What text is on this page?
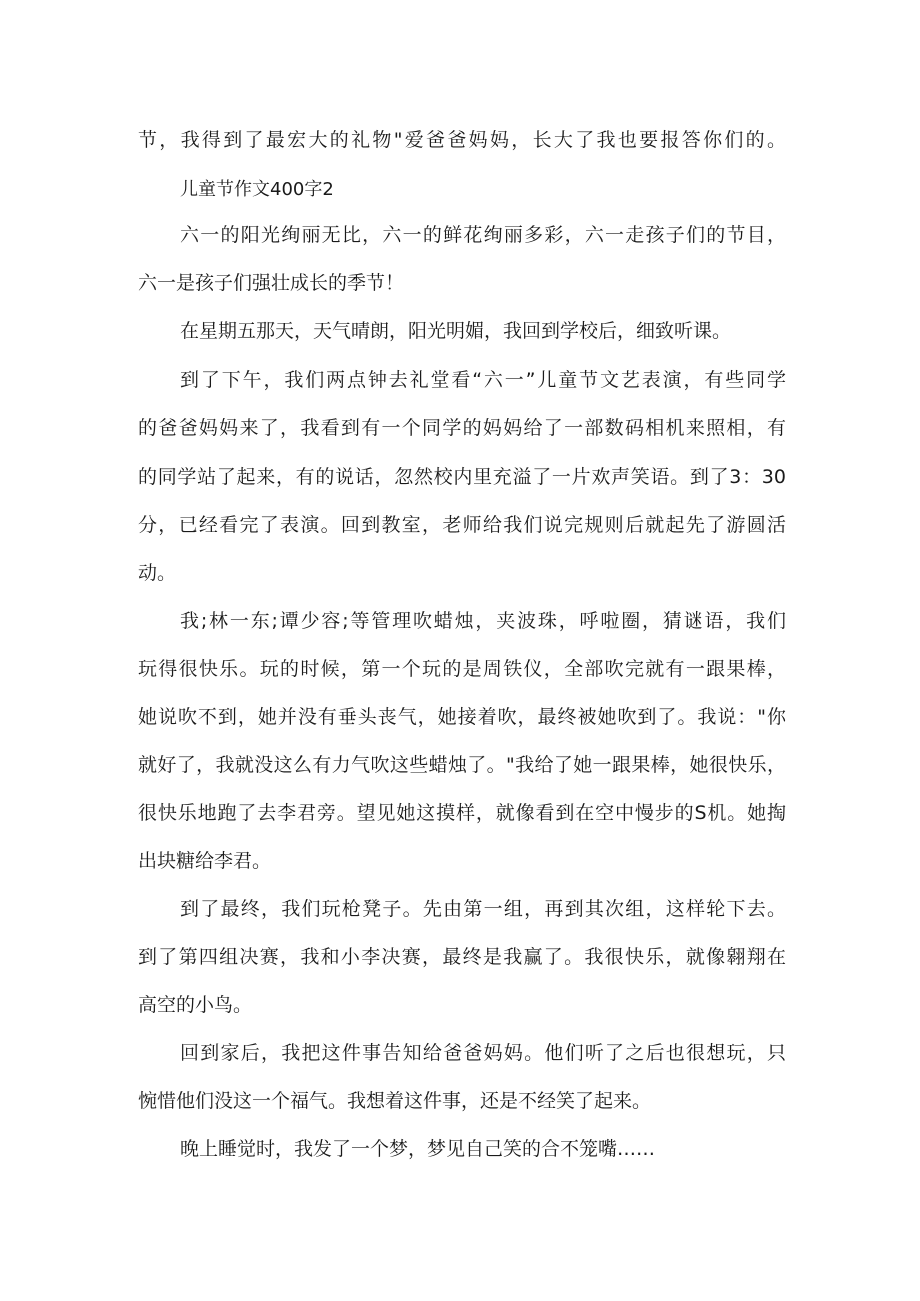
节，我得到了最宏大的礼物"爱爸爸妈妈，长大了我也要报答你们的。

儿童节作文400字2

六一的阳光绚丽无比，六一的鲜花绚丽多彩，六一走孩子们的节目，

六一是孩子们强壮成长的季节！

在星期五那天，天气晴朗，阳光明媚，我回到学校后，细致听课。

到了下午，我们两点钟去礼堂看“六一”儿童节文艺表演，有些同学

的爸爸妈妈来了，我看到有一个同学的妈妈给了一部数码相机来照相，有

的同学站了起来，有的说话，忽然校内里充溢了一片欢声笑语。到了3：30

分，已经看完了表演。回到教室，老师给我们说完规则后就起先了游圆活

动。

我;林一东;谭少容;等管理吹蜡烛，夹波珠，呼啦圈，猜谜语，我们

玩得很快乐。玩的时候，第一个玩的是周铁仪，全部吹完就有一跟果棒，

她说吹不到，她并没有垂头丧气，她接着吹，最终被她吹到了。我说："你

就好了，我就没这么有力气吹这些蜡烛了。"我给了她一跟果棒，她很快乐，

很快乐地跑了去李君旁。望见她这摸样，就像看到在空中慢步的S机。她掏

出块糖给李君。

到了最终，我们玩枪凳子。先由第一组，再到其次组，这样轮下去。

到了第四组决赛，我和小李决赛，最终是我赢了。我很快乐，就像翱翔在

高空的小鸟。

回到家后，我把这件事告知给爸爸妈妈。他们听了之后也很想玩，只

惋惜他们没这一个福气。我想着这件事，还是不经笑了起来。

晚上睡觉时，我发了一个梦，梦见自己笑的合不笼嘴……
